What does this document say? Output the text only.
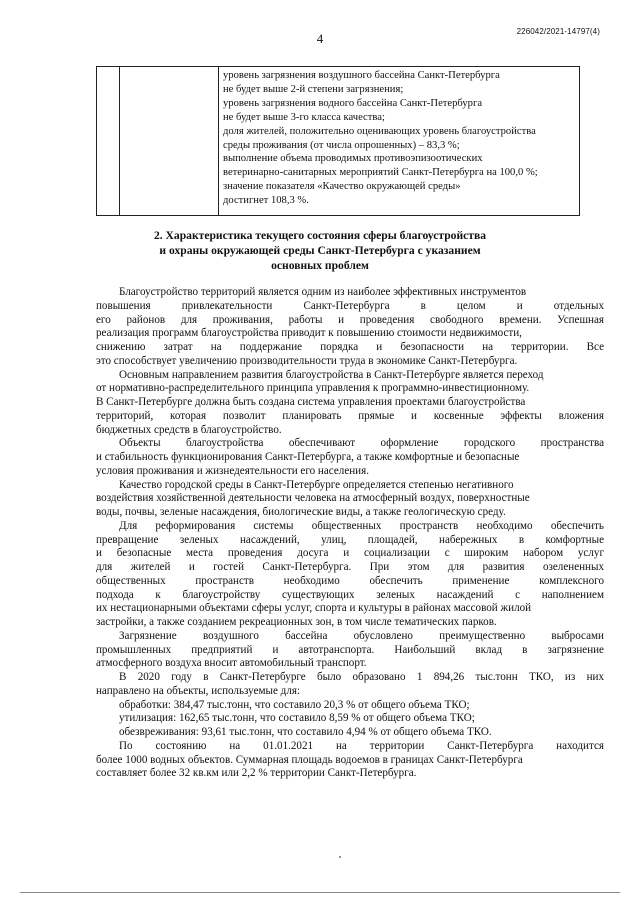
4	226042/2021-14797(4)
уровень загрязнения воздушного бассейна Санкт-Петербурга
не будет выше 2-й степени загрязнения;
уровень загрязнения водного бассейна Санкт-Петербурга
не будет выше 3-го класса качества;
доля жителей, положительно оценивающих уровень благоустройства
среды проживания (от числа опрошенных) – 83,3 %;
выполнение объема проводимых противоэпизоотических
ветеринарно-санитарных мероприятий Санкт-Петербурга на 100,0 %;
значение показателя «Качество окружающей среды»
достигнет 108,3 %.
2. Характеристика текущего состояния сферы благоустройства
и охраны окружающей среды Санкт-Петербурга с указанием
основных проблем
Благоустройство территорий является одним из наиболее эффективных инструментов
повышения привлекательности Санкт-Петербурга в целом и отдельных
его районов для проживания, работы и проведения свободного времени. Успешная
реализация программ благоустройства приводит к повышению стоимости недвижимости,
снижению затрат на поддержание порядка и безопасности на территории. Все
это способствует увеличению производительности труда в экономике Санкт-Петербурга.
Основным направлением развития благоустройства в Санкт-Петербурге является переход
от нормативно-распределительного принципа управления к программно-инвестиционному.
В Санкт-Петербурге должна быть создана система управления проектами благоустройства
территорий, которая позволит планировать прямые и косвенные эффекты вложения
бюджетных средств в благоустройство.
Объекты благоустройства обеспечивают оформление городского пространства
и стабильность функционирования Санкт-Петербурга, а также комфортные и безопасные
условия проживания и жизнедеятельности его населения.
Качество городской среды в Санкт-Петербурге определяется степенью негативного
воздействия хозяйственной деятельности человека на атмосферный воздух, поверхностные
воды, почвы, зеленые насаждения, биологические виды, а также геологическую среду.
Для реформирования системы общественных пространств необходимо обеспечить
превращение зеленых насаждений, улиц, площадей, набережных в комфортные
и безопасные места проведения досуга и социализации с широким набором услуг
для жителей и гостей Санкт-Петербурга. При этом для развития озелененных
общественных пространств необходимо обеспечить применение комплексного
подхода к благоустройству существующих зеленых насаждений с наполнением
их нестационарными объектами сферы услуг, спорта и культуры в районах массовой жилой
застройки, а также созданием рекреационных зон, в том числе тематических парков.
Загрязнение воздушного бассейна обусловлено преимущественно выбросами
промышленных предприятий и автотранспорта. Наибольший вклад в загрязнение
атмосферного воздуха вносит автомобильный транспорт.
В 2020 году в Санкт-Петербурге было образовано 1 894,26 тыс.тонн ТКО, из них
направлено на объекты, используемые для:
обработки: 384,47 тыс.тонн, что составило 20,3 % от общего объема ТКО;
утилизация: 162,65 тыс.тонн, что составило 8,59 % от общего объема ТКО;
обезвреживания: 93,61 тыс.тонн, что составило 4,94 % от общего объема ТКО.
По состоянию на 01.01.2021 на территории Санкт-Петербурга находится
более 1000 водных объектов. Суммарная площадь водоемов в границах Санкт-Петербурга
составляет более 32 кв.км или 2,2 % территории Санкт-Петербурга.
